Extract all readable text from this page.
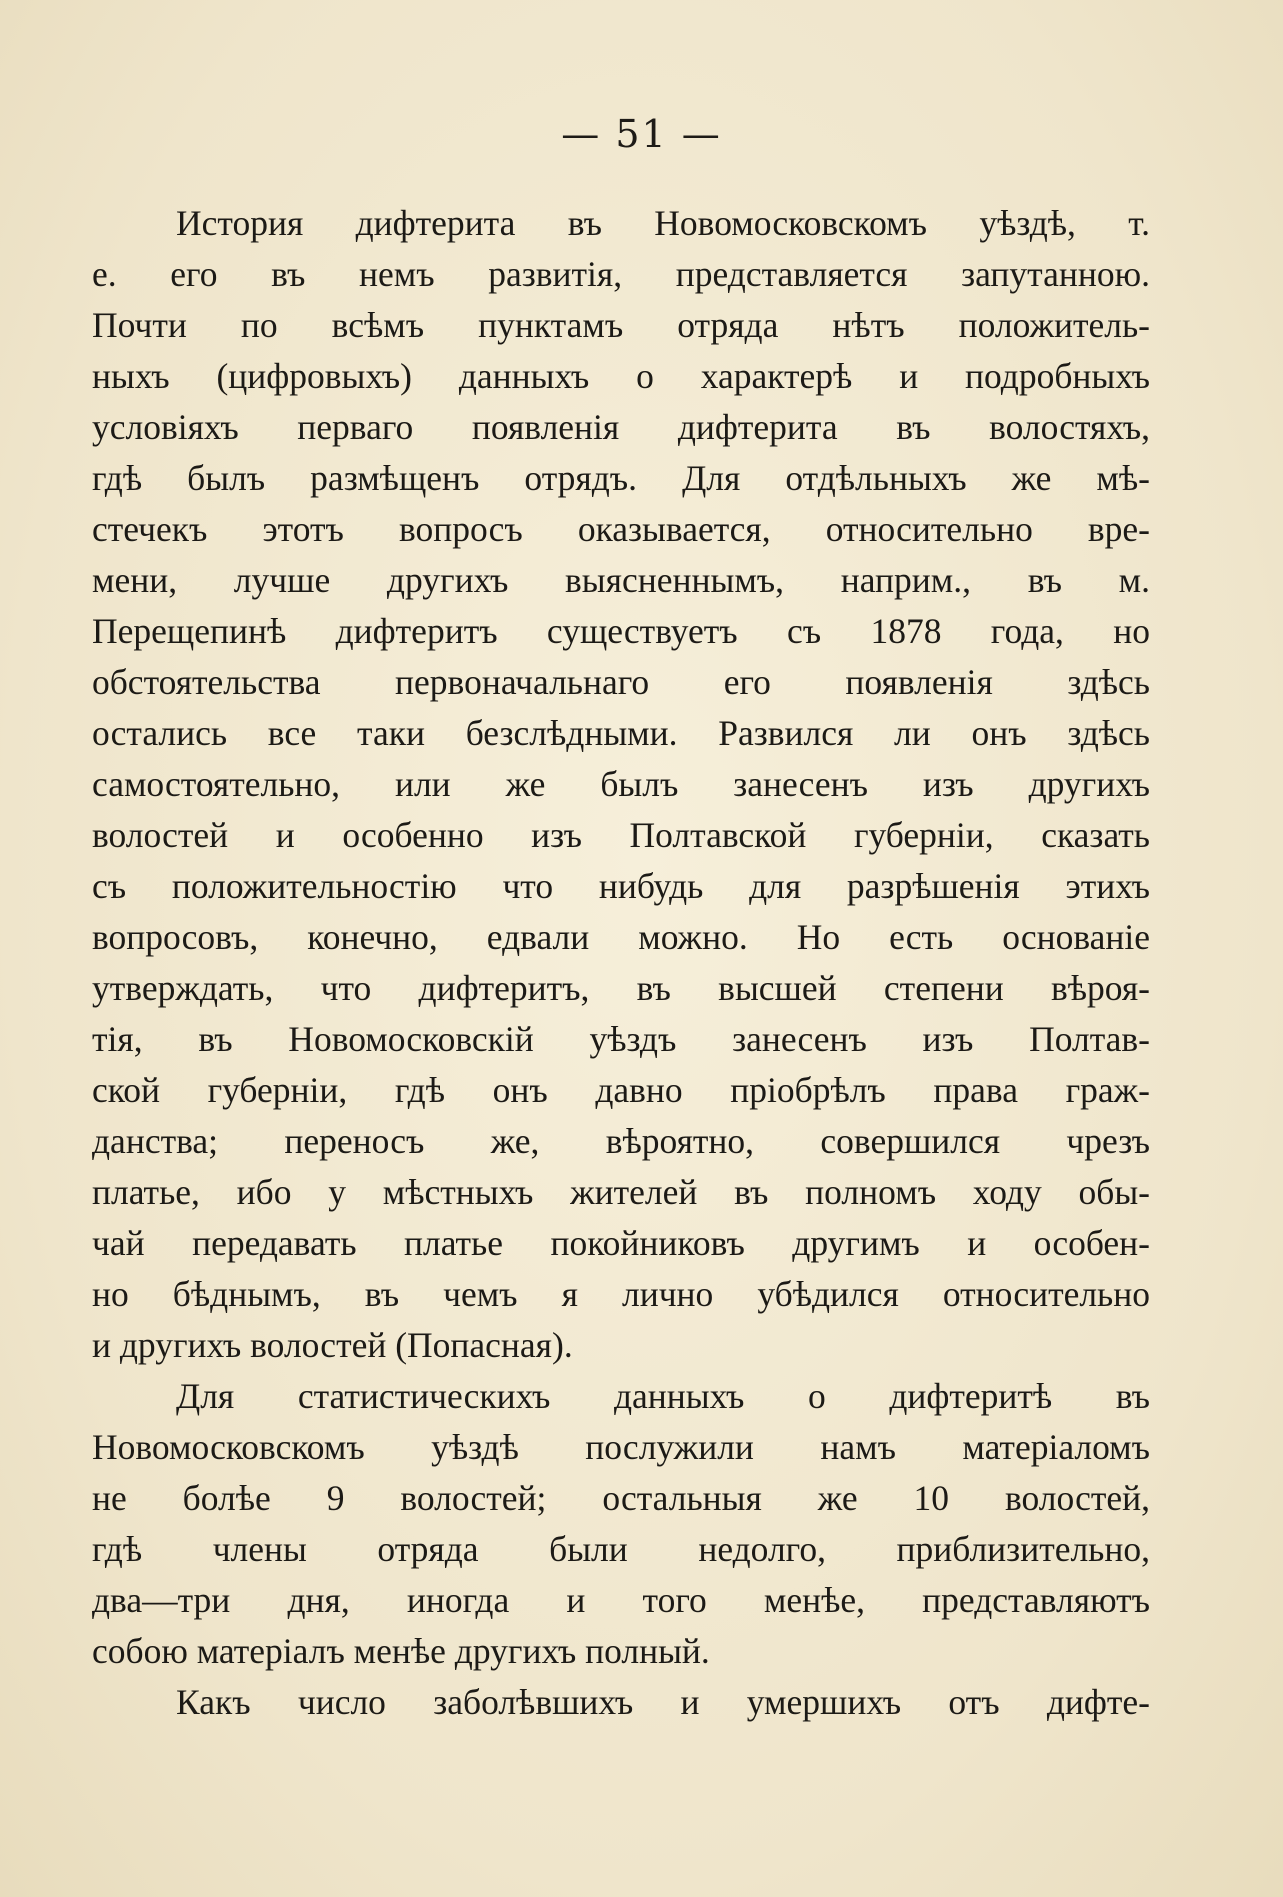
— 51 —
История дифтерита въ Новомосковскомъ уѣздѣ, т.
е. его въ немъ развитія, представляется запутанною.
Почти по всѣмъ пунктамъ отряда нѣтъ положитель-
ныхъ (цифровыхъ) данныхъ о характерѣ и подробныхъ
условіяхъ перваго появленія дифтерита въ волостяхъ,
гдѣ былъ размѣщенъ отрядъ. Для отдѣльныхъ же мѣ-
стечекъ этотъ вопросъ оказывается, относительно вре-
мени, лучше другихъ выясненнымъ, наприм., въ м.
Перещепинѣ дифтеритъ существуетъ съ 1878 года, но
обстоятельства первоначальнаго его появленія здѣсь
остались все таки безслѣдными. Развился ли онъ здѣсь
самостоятельно, или же былъ занесенъ изъ другихъ
волостей и особенно изъ Полтавской губерніи, сказать
съ положительностію что нибудь для разрѣшенія этихъ
вопросовъ, конечно, едвали можно. Но есть основаніе
утверждать, что дифтеритъ, въ высшей степени вѣроя-
тія, въ Новомосковскій уѣздъ занесенъ изъ Полтав-
ской губерніи, гдѣ онъ давно пріобрѣлъ права граж-
данства; переносъ же, вѣроятно, совершился чрезъ
платье, ибо у мѣстныхъ жителей въ полномъ ходу обы-
чай передавать платье покойниковъ другимъ и особен-
но бѣднымъ, въ чемъ я лично убѣдился относительно
и другихъ волостей (Попасная).
Для статистическихъ данныхъ о дифтеритѣ въ
Новомосковскомъ уѣздѣ послужили намъ матеріаломъ
не болѣе 9 волостей; остальныя же 10 волостей,
гдѣ члены отряда были недолго, приблизительно,
два—три дня, иногда и того менѣе, представляютъ
собою матеріалъ менѣе другихъ полный.
Какъ число заболѣвшихъ и умершихъ отъ дифте-
